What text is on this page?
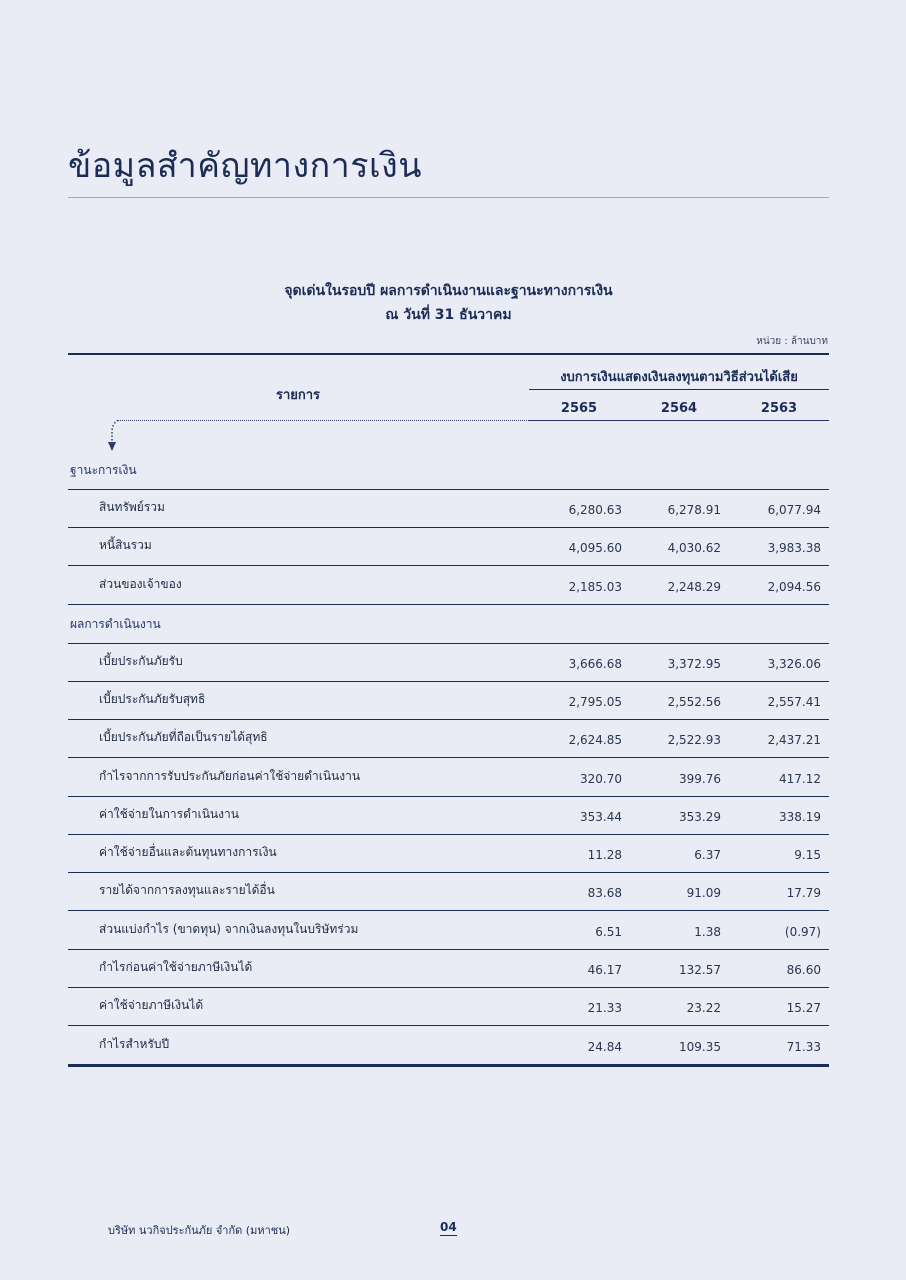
ข้อมูลสำคัญทางการเงิน
จุดเด่นในรอบปี ผลการดำเนินงานและฐานะทางการเงิน
ณ วันที่ 31 ธันวาคม
หน่วย : ล้านบาท
รายการ
งบการเงินแสดงเงินลงทุนตามวิธีส่วนได้เสีย
2565	2564	2563
ฐานะการเงิน
สินทรัพย์รวม	6,280.63	6,278.91	6,077.94
หนี้สินรวม	4,095.60	4,030.62	3,983.38
ส่วนของเจ้าของ	2,185.03	2,248.29	2,094.56
ผลการดำเนินงาน
เบี้ยประกันภัยรับ	3,666.68	3,372.95	3,326.06
เบี้ยประกันภัยรับสุทธิ	2,795.05	2,552.56	2,557.41
เบี้ยประกันภัยที่ถือเป็นรายได้สุทธิ	2,624.85	2,522.93	2,437.21
กำไรจากการรับประกันภัยก่อนค่าใช้จ่ายดำเนินงาน	320.70	399.76	417.12
ค่าใช้จ่ายในการดำเนินงาน	353.44	353.29	338.19
ค่าใช้จ่ายอื่นและต้นทุนทางการเงิน	11.28	6.37	9.15
รายได้จากการลงทุนและรายได้อื่น	83.68	91.09	17.79
ส่วนแบ่งกำไร (ขาดทุน) จากเงินลงทุนในบริษัทร่วม	6.51	1.38	(0.97)
กำไรก่อนค่าใช้จ่ายภาษีเงินได้	46.17	132.57	86.60
ค่าใช้จ่ายภาษีเงินได้	21.33	23.22	15.27
กำไรสำหรับปี	24.84	109.35	71.33
บริษัท นวกิจประกันภัย จำกัด (มหาชน)	04
